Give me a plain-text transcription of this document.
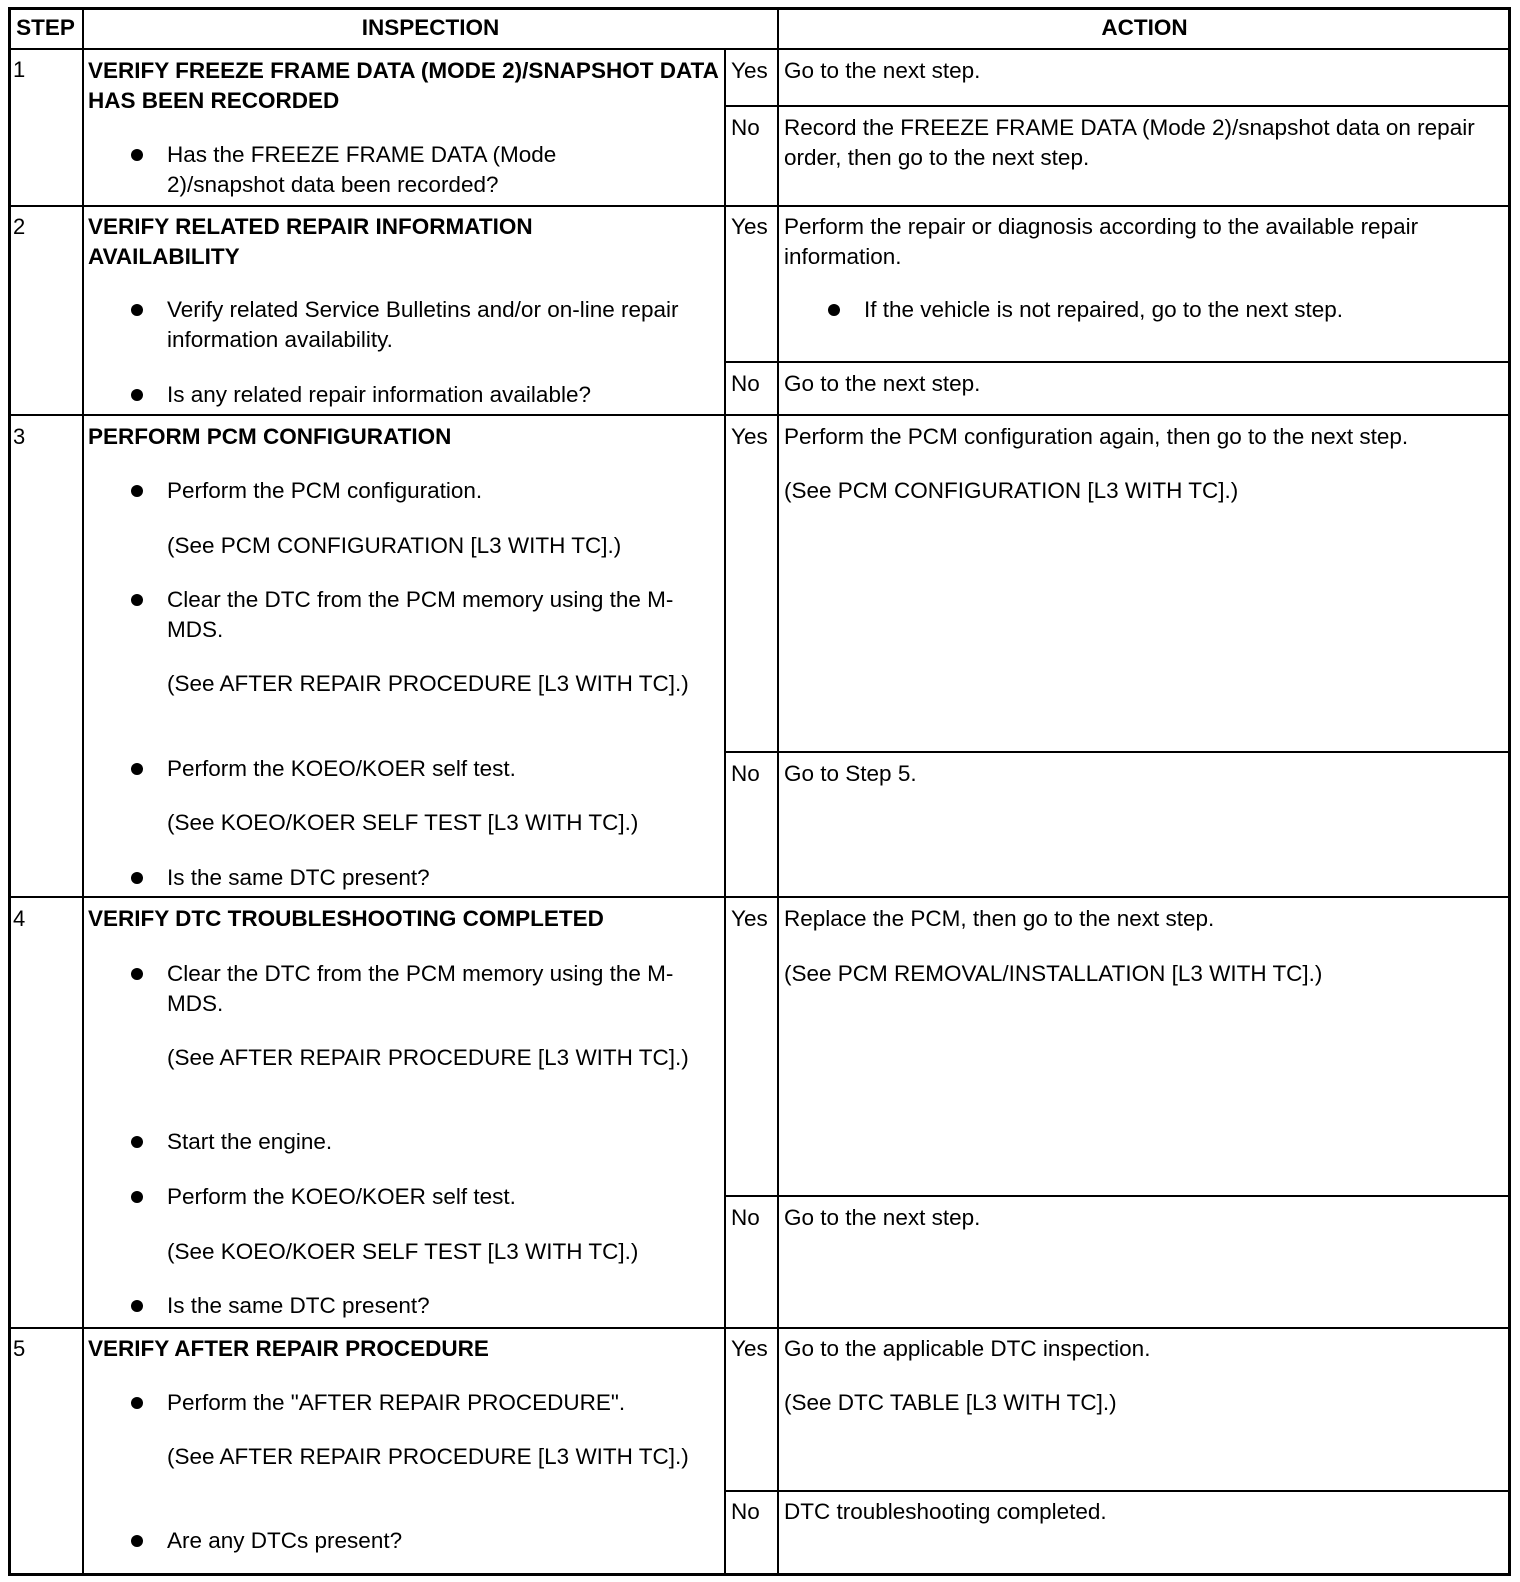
STEP	INSPECTION	ACTION
1	VERIFY FREEZE FRAME DATA (MODE 2)/SNAPSHOT DATA HAS BEEN RECORDED
Has the FREEZE FRAME DATA (Mode 2)/snapshot data been recorded?
Yes Go to the next step.
No Record the FREEZE FRAME DATA (Mode 2)/snapshot data on repair order, then go to the next step.
2	VERIFY RELATED REPAIR INFORMATION AVAILABILITY
Verify related Service Bulletins and/or on-line repair information availability.
Is any related repair information available?
Yes Perform the repair or diagnosis according to the available repair information.
If the vehicle is not repaired, go to the next step.
No Go to the next step.
3	PERFORM PCM CONFIGURATION
Perform the PCM configuration.
(See PCM CONFIGURATION [L3 WITH TC].)
Clear the DTC from the PCM memory using the M-MDS.
(See AFTER REPAIR PROCEDURE [L3 WITH TC].)
Perform the KOEO/KOER self test.
(See KOEO/KOER SELF TEST [L3 WITH TC].)
Is the same DTC present?
Yes Perform the PCM configuration again, then go to the next step.
(See PCM CONFIGURATION [L3 WITH TC].)
No Go to Step 5.
4	VERIFY DTC TROUBLESHOOTING COMPLETED
Clear the DTC from the PCM memory using the M-MDS.
(See AFTER REPAIR PROCEDURE [L3 WITH TC].)
Start the engine.
Perform the KOEO/KOER self test.
(See KOEO/KOER SELF TEST [L3 WITH TC].)
Is the same DTC present?
Yes Replace the PCM, then go to the next step.
(See PCM REMOVAL/INSTALLATION [L3 WITH TC].)
No Go to the next step.
5	VERIFY AFTER REPAIR PROCEDURE
Perform the "AFTER REPAIR PROCEDURE".
(See AFTER REPAIR PROCEDURE [L3 WITH TC].)
Are any DTCs present?
Yes Go to the applicable DTC inspection.
(See DTC TABLE [L3 WITH TC].)
No DTC troubleshooting completed.
